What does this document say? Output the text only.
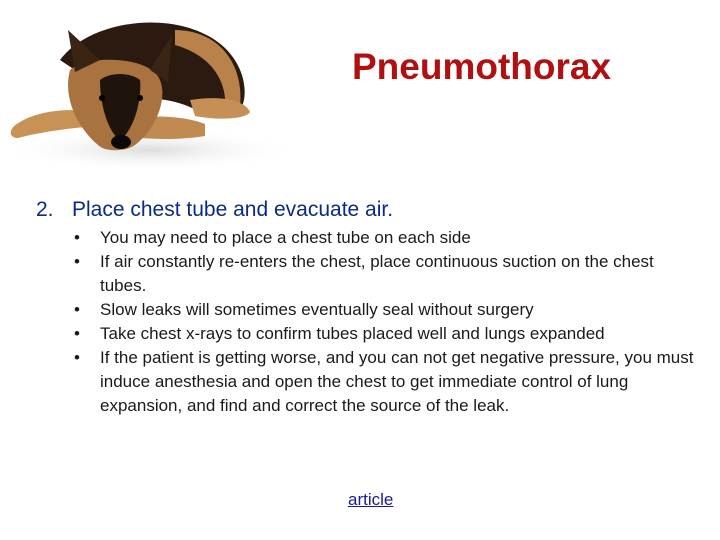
Pneumothorax
2. Place chest tube and evacuate air.
• You may need to place a chest tube on each side
• If air constantly re-enters the chest, place continuous suction on the chest tubes.
• Slow leaks will sometimes eventually seal without surgery
• Take chest x-rays to confirm tubes placed well and lungs expanded
• If the patient is getting worse, and you can not get negative pressure, you must induce anesthesia and open the chest to get immediate control of lung expansion, and find and correct the source of the leak.
article
